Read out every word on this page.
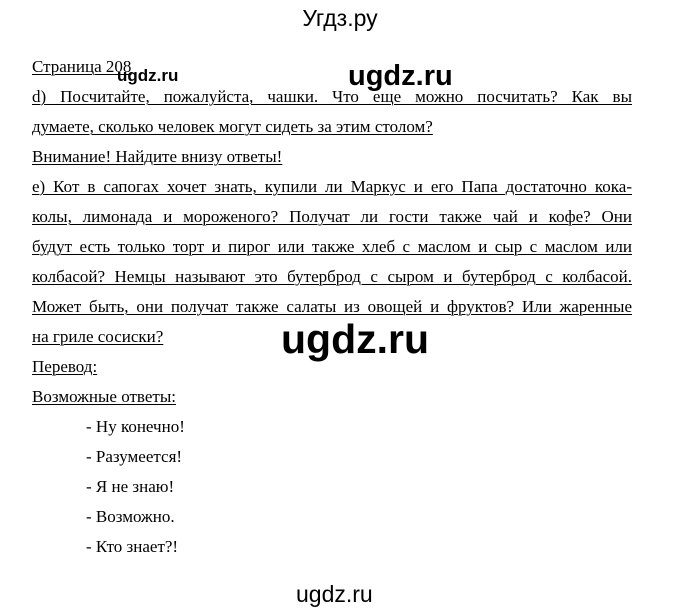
Угдз.ру
Страница 208
d) Посчитайте, пожалуйста, чашки. Что еще можно посчитать? Как вы
думаете, сколько человек могут сидеть за этим столом?
Внимание! Найдите внизу ответы!
e) Кот в сапогах хочет знать, купили ли Маркус и его Папа достаточно кока-
колы, лимонада и мороженого? Получат ли гости также чай и кофе? Они
будут есть только торт и пирог или также хлеб с маслом и сыр с маслом или
колбасой? Немцы называют это бутерброд с сыром и бутерброд с колбасой.
Может быть, они получат также салаты из овощей и фруктов? Или жаренные
на гриле сосиски?
Перевод:
Возможные ответы:
- Ну конечно!
- Разумеется!
- Я не знаю!
- Возможно.
- Кто знает?!
ugdz.ru	ugdz.ru
ugdz.ru
ugdz.ru
